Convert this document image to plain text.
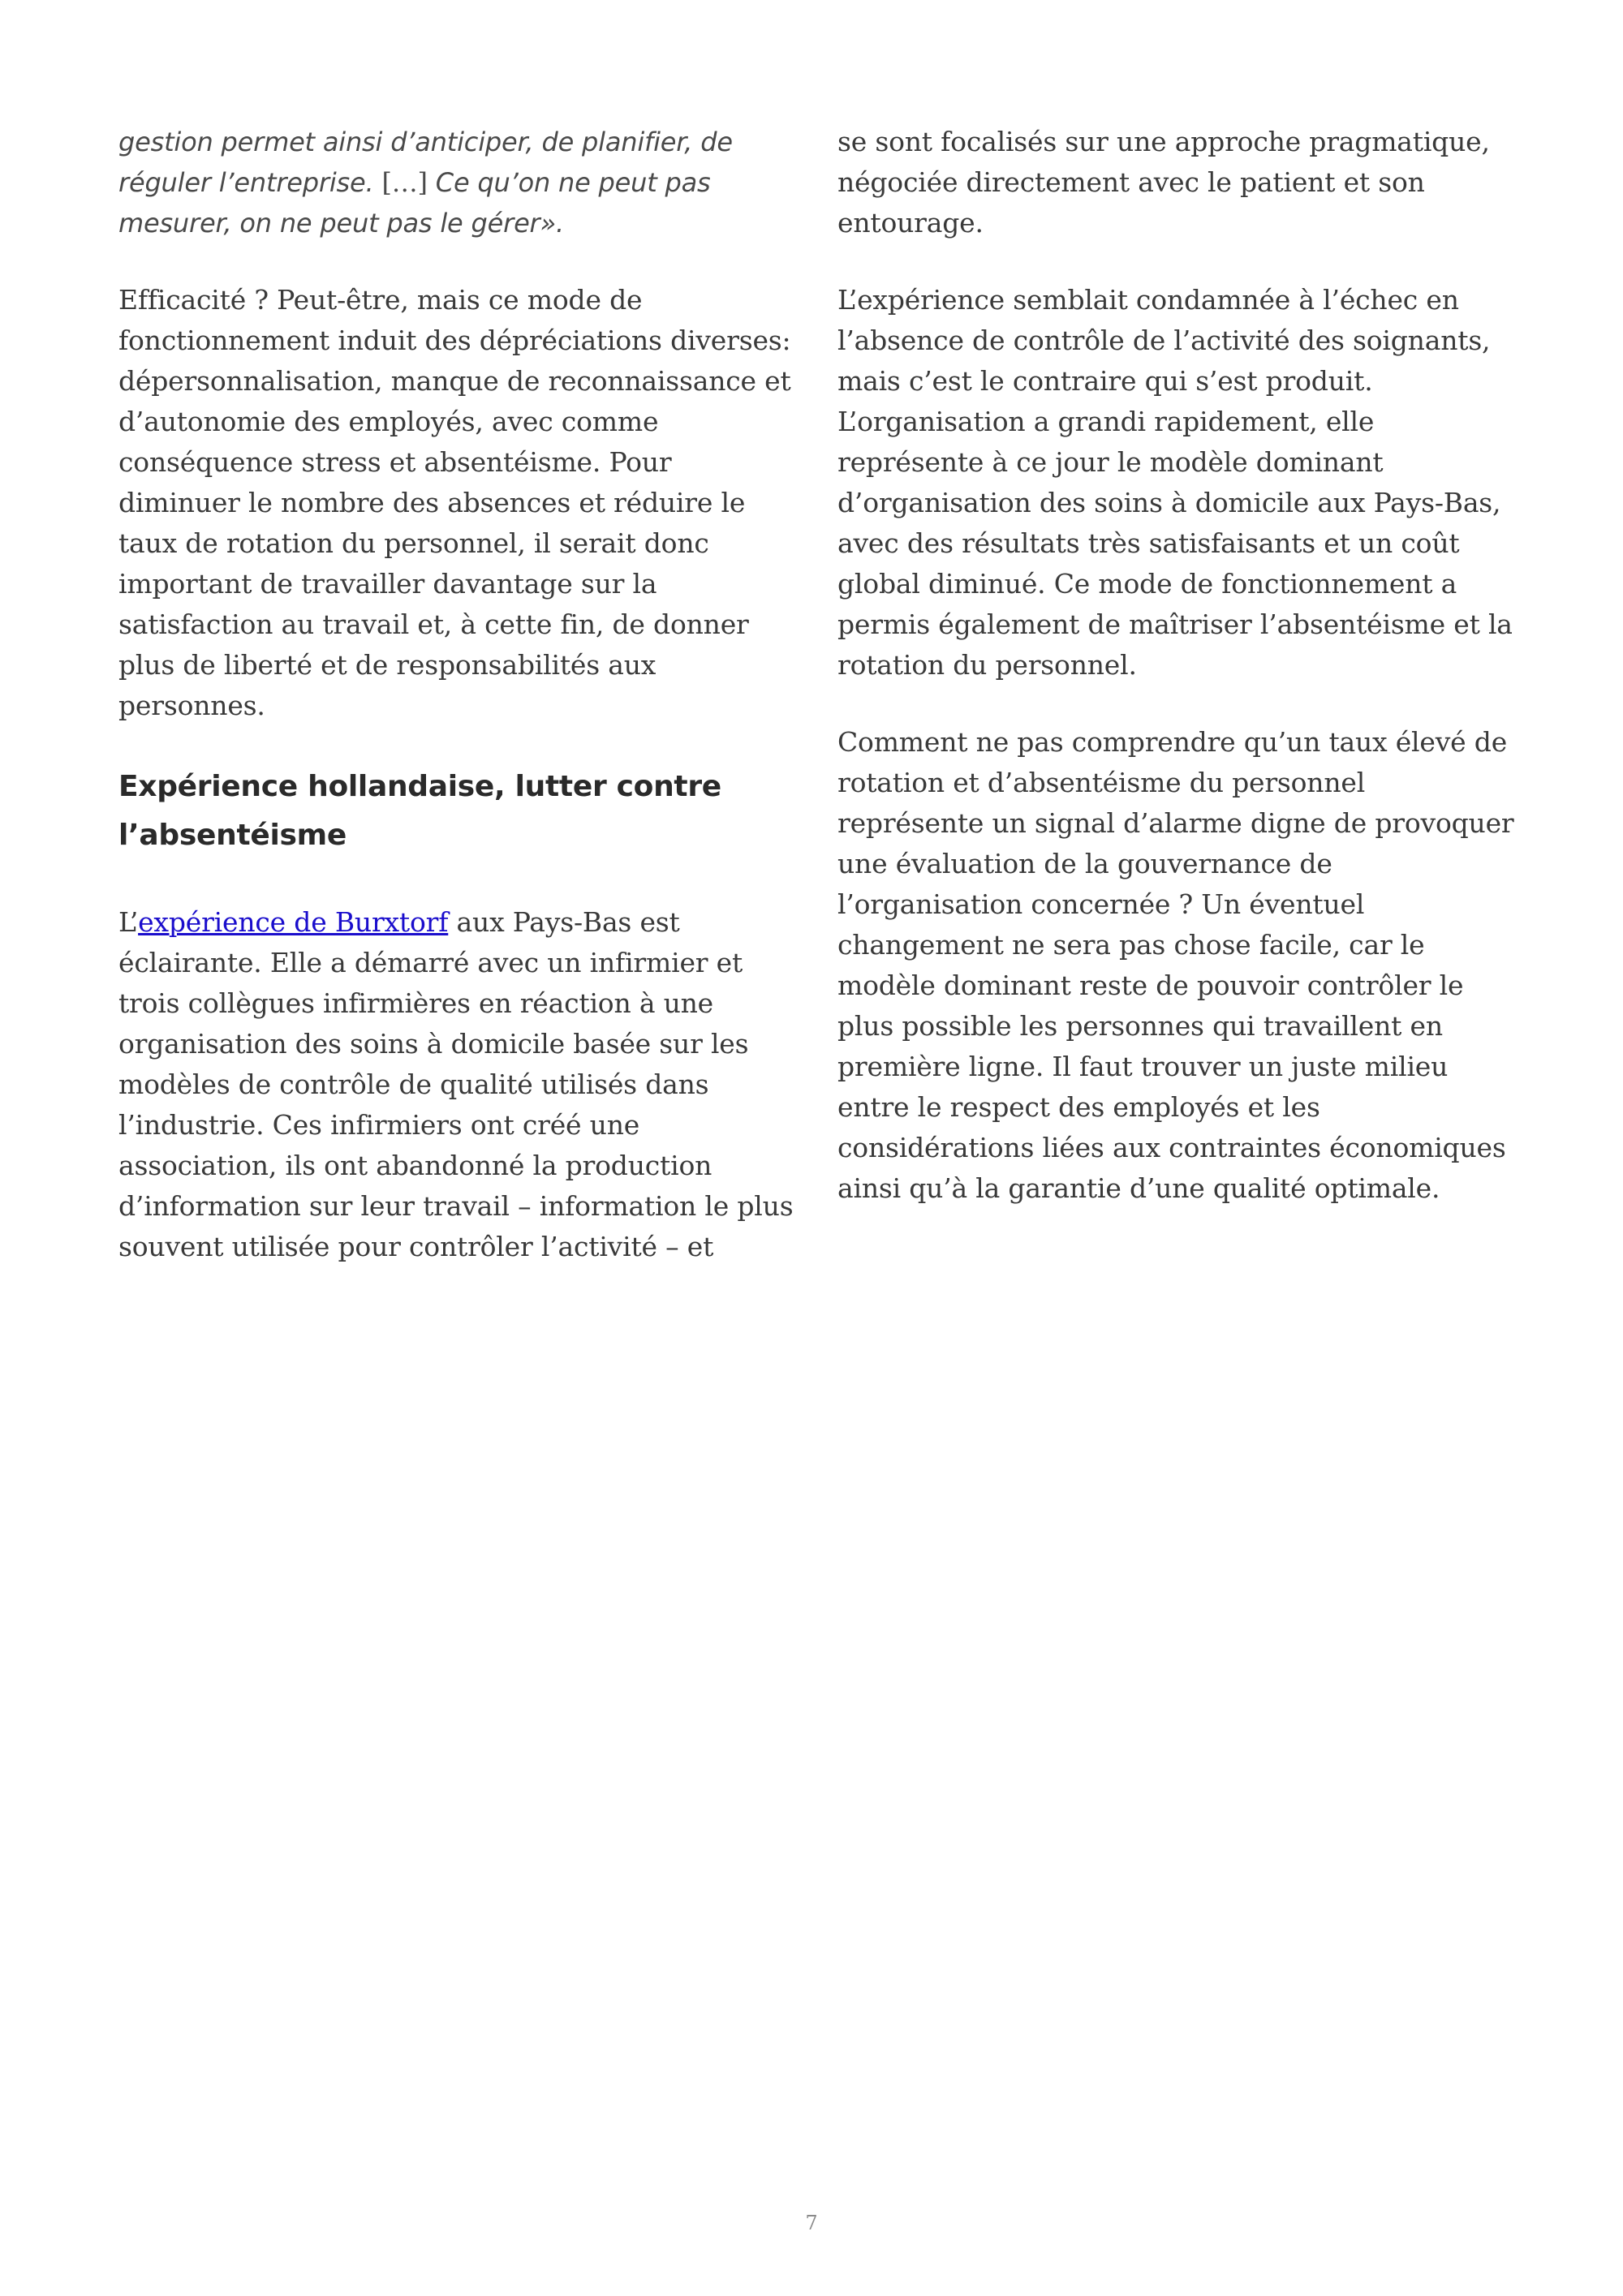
gestion permet ainsi d’anticiper, de planifier, de réguler l’entreprise. […] Ce qu’on ne peut pas mesurer, on ne peut pas le gérer».

Efficacité ? Peut-être, mais ce mode de fonctionnement induit des dépréciations diverses: dépersonnalisation, manque de reconnaissance et d’autonomie des employés, avec comme conséquence stress et absentéisme. Pour diminuer le nombre des absences et réduire le taux de rotation du personnel, il serait donc important de travailler davantage sur la satisfaction au travail et, à cette fin, de donner plus de liberté et de responsabilités aux personnes.

Expérience hollandaise, lutter contre l’absentéisme

L’expérience de Burxtorf aux Pays-Bas est éclairante. Elle a démarré avec un infirmier et trois collègues infirmières en réaction à une organisation des soins à domicile basée sur les modèles de contrôle de qualité utilisés dans l’industrie. Ces infirmiers ont créé une association, ils ont abandonné la production d’information sur leur travail – information le plus souvent utilisée pour contrôler l’activité – et

se sont focalisés sur une approche pragmatique, négociée directement avec le patient et son entourage.

L’expérience semblait condamnée à l’échec en l’absence de contrôle de l’activité des soignants, mais c’est le contraire qui s’est produit. L’organisation a grandi rapidement, elle représente à ce jour le modèle dominant d’organisation des soins à domicile aux Pays-Bas, avec des résultats très satisfaisants et un coût global diminué. Ce mode de fonctionnement a permis également de maîtriser l’absentéisme et la rotation du personnel.

Comment ne pas comprendre qu’un taux élevé de rotation et d’absentéisme du personnel représente un signal d’alarme digne de provoquer une évaluation de la gouvernance de l’organisation concernée ? Un éventuel changement ne sera pas chose facile, car le modèle dominant reste de pouvoir contrôler le plus possible les personnes qui travaillent en première ligne. Il faut trouver un juste milieu entre le respect des employés et les considérations liées aux contraintes économiques ainsi qu’à la garantie d’une qualité optimale.

7
